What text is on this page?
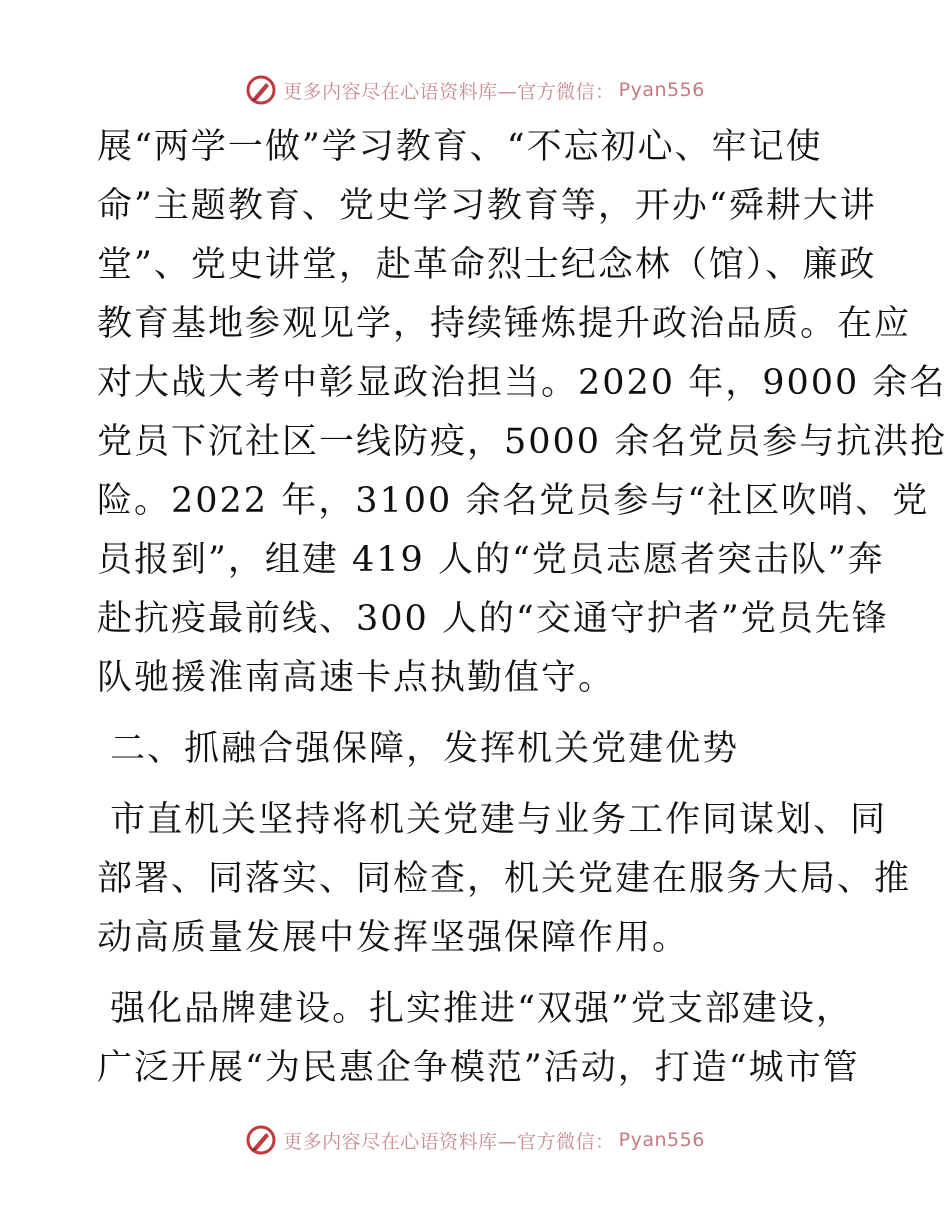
更多内容尽在心语资料库—官方微信： Pyan556
展“两学一做”学习教育、“不忘初心、牢记使
命”主题教育、党史学习教育等，开办“舜耕大讲
堂”、党史讲堂，赴革命烈士纪念林（馆）、廉政
教育基地参观见学，持续锤炼提升政治品质。在应
对大战大考中彰显政治担当。2020 年，9000 余名
党员下沉社区一线防疫，5000 余名党员参与抗洪抢
险。2022 年，3100 余名党员参与“社区吹哨、党
员报到”，组建 419 人的“党员志愿者突击队”奔
赴抗疫最前线、300 人的“交通守护者”党员先锋
队驰援淮南高速卡点执勤值守。
二、抓融合强保障，发挥机关党建优势
市直机关坚持将机关党建与业务工作同谋划、同
部署、同落实、同检查，机关党建在服务大局、推
动高质量发展中发挥坚强保障作用。
强化品牌建设。扎实推进“双强”党支部建设，
广泛开展“为民惠企争模范”活动，打造“城市管
更多内容尽在心语资料库—官方微信： Pyan556
